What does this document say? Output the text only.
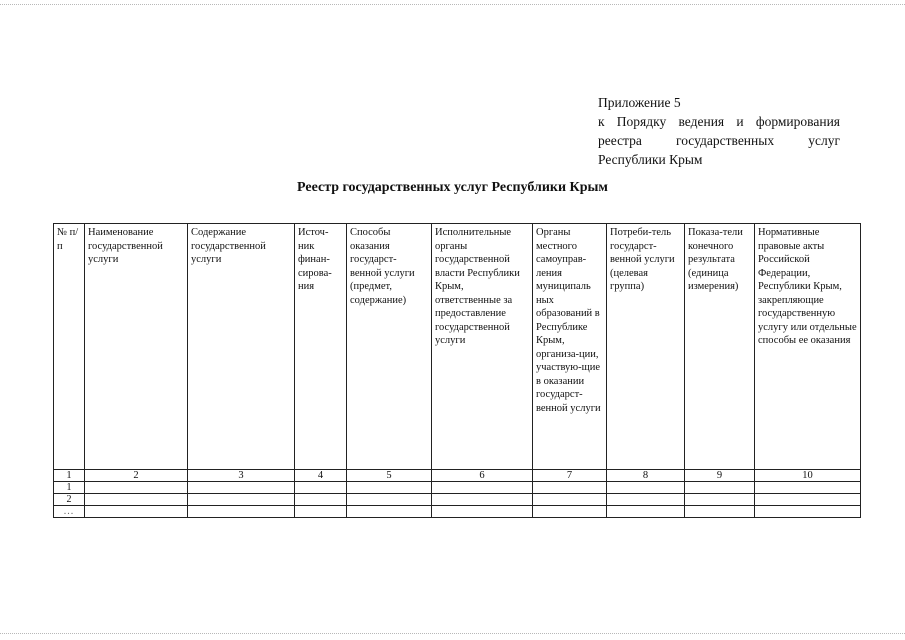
Приложение 5
к Порядку ведения и формирования
реестра государственных услуг
Республики Крым
Реестр государственных услуг Республики Крым
№ п/п	Наименование государственной услуги	Содержание государственной услуги	Источ-ник финан-сирова-ния	Способы оказания государст-венной услуги (предмет, содержание)	Исполнительные органы государственной власти Республики Крым, ответственные за предоставление государственной услуги	Органы местного самоуправ-ления муниципаль ных образований в Республике Крым, организа-ции, участвую-щие в оказании государст-венной услуги	Потреби-тель государст-венной услуги (целевая группа)	Показа-тели конечного результата (единица измерения)	Нормативные правовые акты Российской Федерации, Республики Крым, закрепляющие государственную услугу или отдельные способы ее оказания
1	2	3	4	5	6	7	8	9	10
1									
2									
...									
